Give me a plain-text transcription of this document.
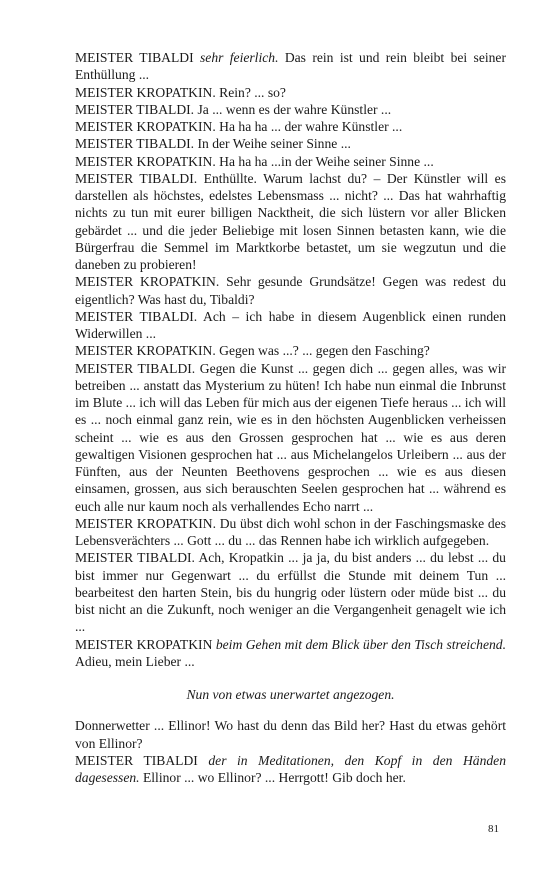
MEISTER TIBALDI sehr feierlich. Das rein ist und rein bleibt bei seiner Enthüllung ...

MEISTER KROPATKIN. Rein? ... so?

MEISTER TIBALDI. Ja ... wenn es der wahre Künstler ...

MEISTER KROPATKIN. Ha ha ha ... der wahre Künstler ...

MEISTER TIBALDI. In der Weihe seiner Sinne ...

MEISTER KROPATKIN. Ha ha ha ...in der Weihe seiner Sinne ...

MEISTER TIBALDI. Enthüllte. Warum lachst du? – Der Künstler will es darstellen als höchstes, edelstes Lebensmass ... nicht? ... Das hat wahrhaftig nichts zu tun mit eurer billigen Nacktheit, die sich lüstern vor aller Blicken gebärdet ... und die jeder Beliebige mit losen Sinnen betasten kann, wie die Bürgerfrau die Semmel im Marktkorbe betastet, um sie wegzutun und die daneben zu probieren!

MEISTER KROPATKIN. Sehr gesunde Grundsätze! Gegen was redest du eigentlich? Was hast du, Tibaldi?

MEISTER TIBALDI. Ach – ich habe in diesem Augenblick einen runden Widerwillen ...

MEISTER KROPATKIN. Gegen was ...? ... gegen den Fasching?

MEISTER TIBALDI. Gegen die Kunst ... gegen dich ... gegen alles, was wir betreiben ... anstatt das Mysterium zu hüten! Ich habe nun einmal die Inbrunst im Blute ... ich will das Leben für mich aus der eigenen Tiefe heraus ... ich will es ... noch einmal ganz rein, wie es in den höchsten Augenblicken verheissen scheint ... wie es aus den Grossen gesprochen hat ... wie es aus deren gewaltigen Visionen gesprochen hat ... aus Michelangelos Urleibern ... aus der Fünften, aus der Neunten Beethovens gesprochen ... wie es aus diesen einsamen, grossen, aus sich berauschten Seelen gesprochen hat ... während es euch alle nur kaum noch als verhallendes Echo narrt ...

MEISTER KROPATKIN. Du übst dich wohl schon in der Faschingsmaske des Lebensverächters ... Gott ... du ... das Rennen habe ich wirklich aufgegeben.

MEISTER TIBALDI. Ach, Kropatkin ... ja ja, du bist anders ... du lebst ... du bist immer nur Gegenwart ... du erfüllst die Stunde mit deinem Tun ... bearbeitest den harten Stein, bis du hungrig oder lüstern oder müde bist ... du bist nicht an die Zukunft, noch weniger an die Vergangenheit genagelt wie ich ...

MEISTER KROPATKIN beim Gehen mit dem Blick über den Tisch streichend. Adieu, mein Lieber ...

Nun von etwas unerwartet angezogen.

Donnerwetter ... Ellinor! Wo hast du denn das Bild her? Hast du etwas gehört von Ellinor?

MEISTER TIBALDI der in Meditationen, den Kopf in den Händen dagesessen. Ellinor ... wo Ellinor? ... Herrgott! Gib doch her.

81
